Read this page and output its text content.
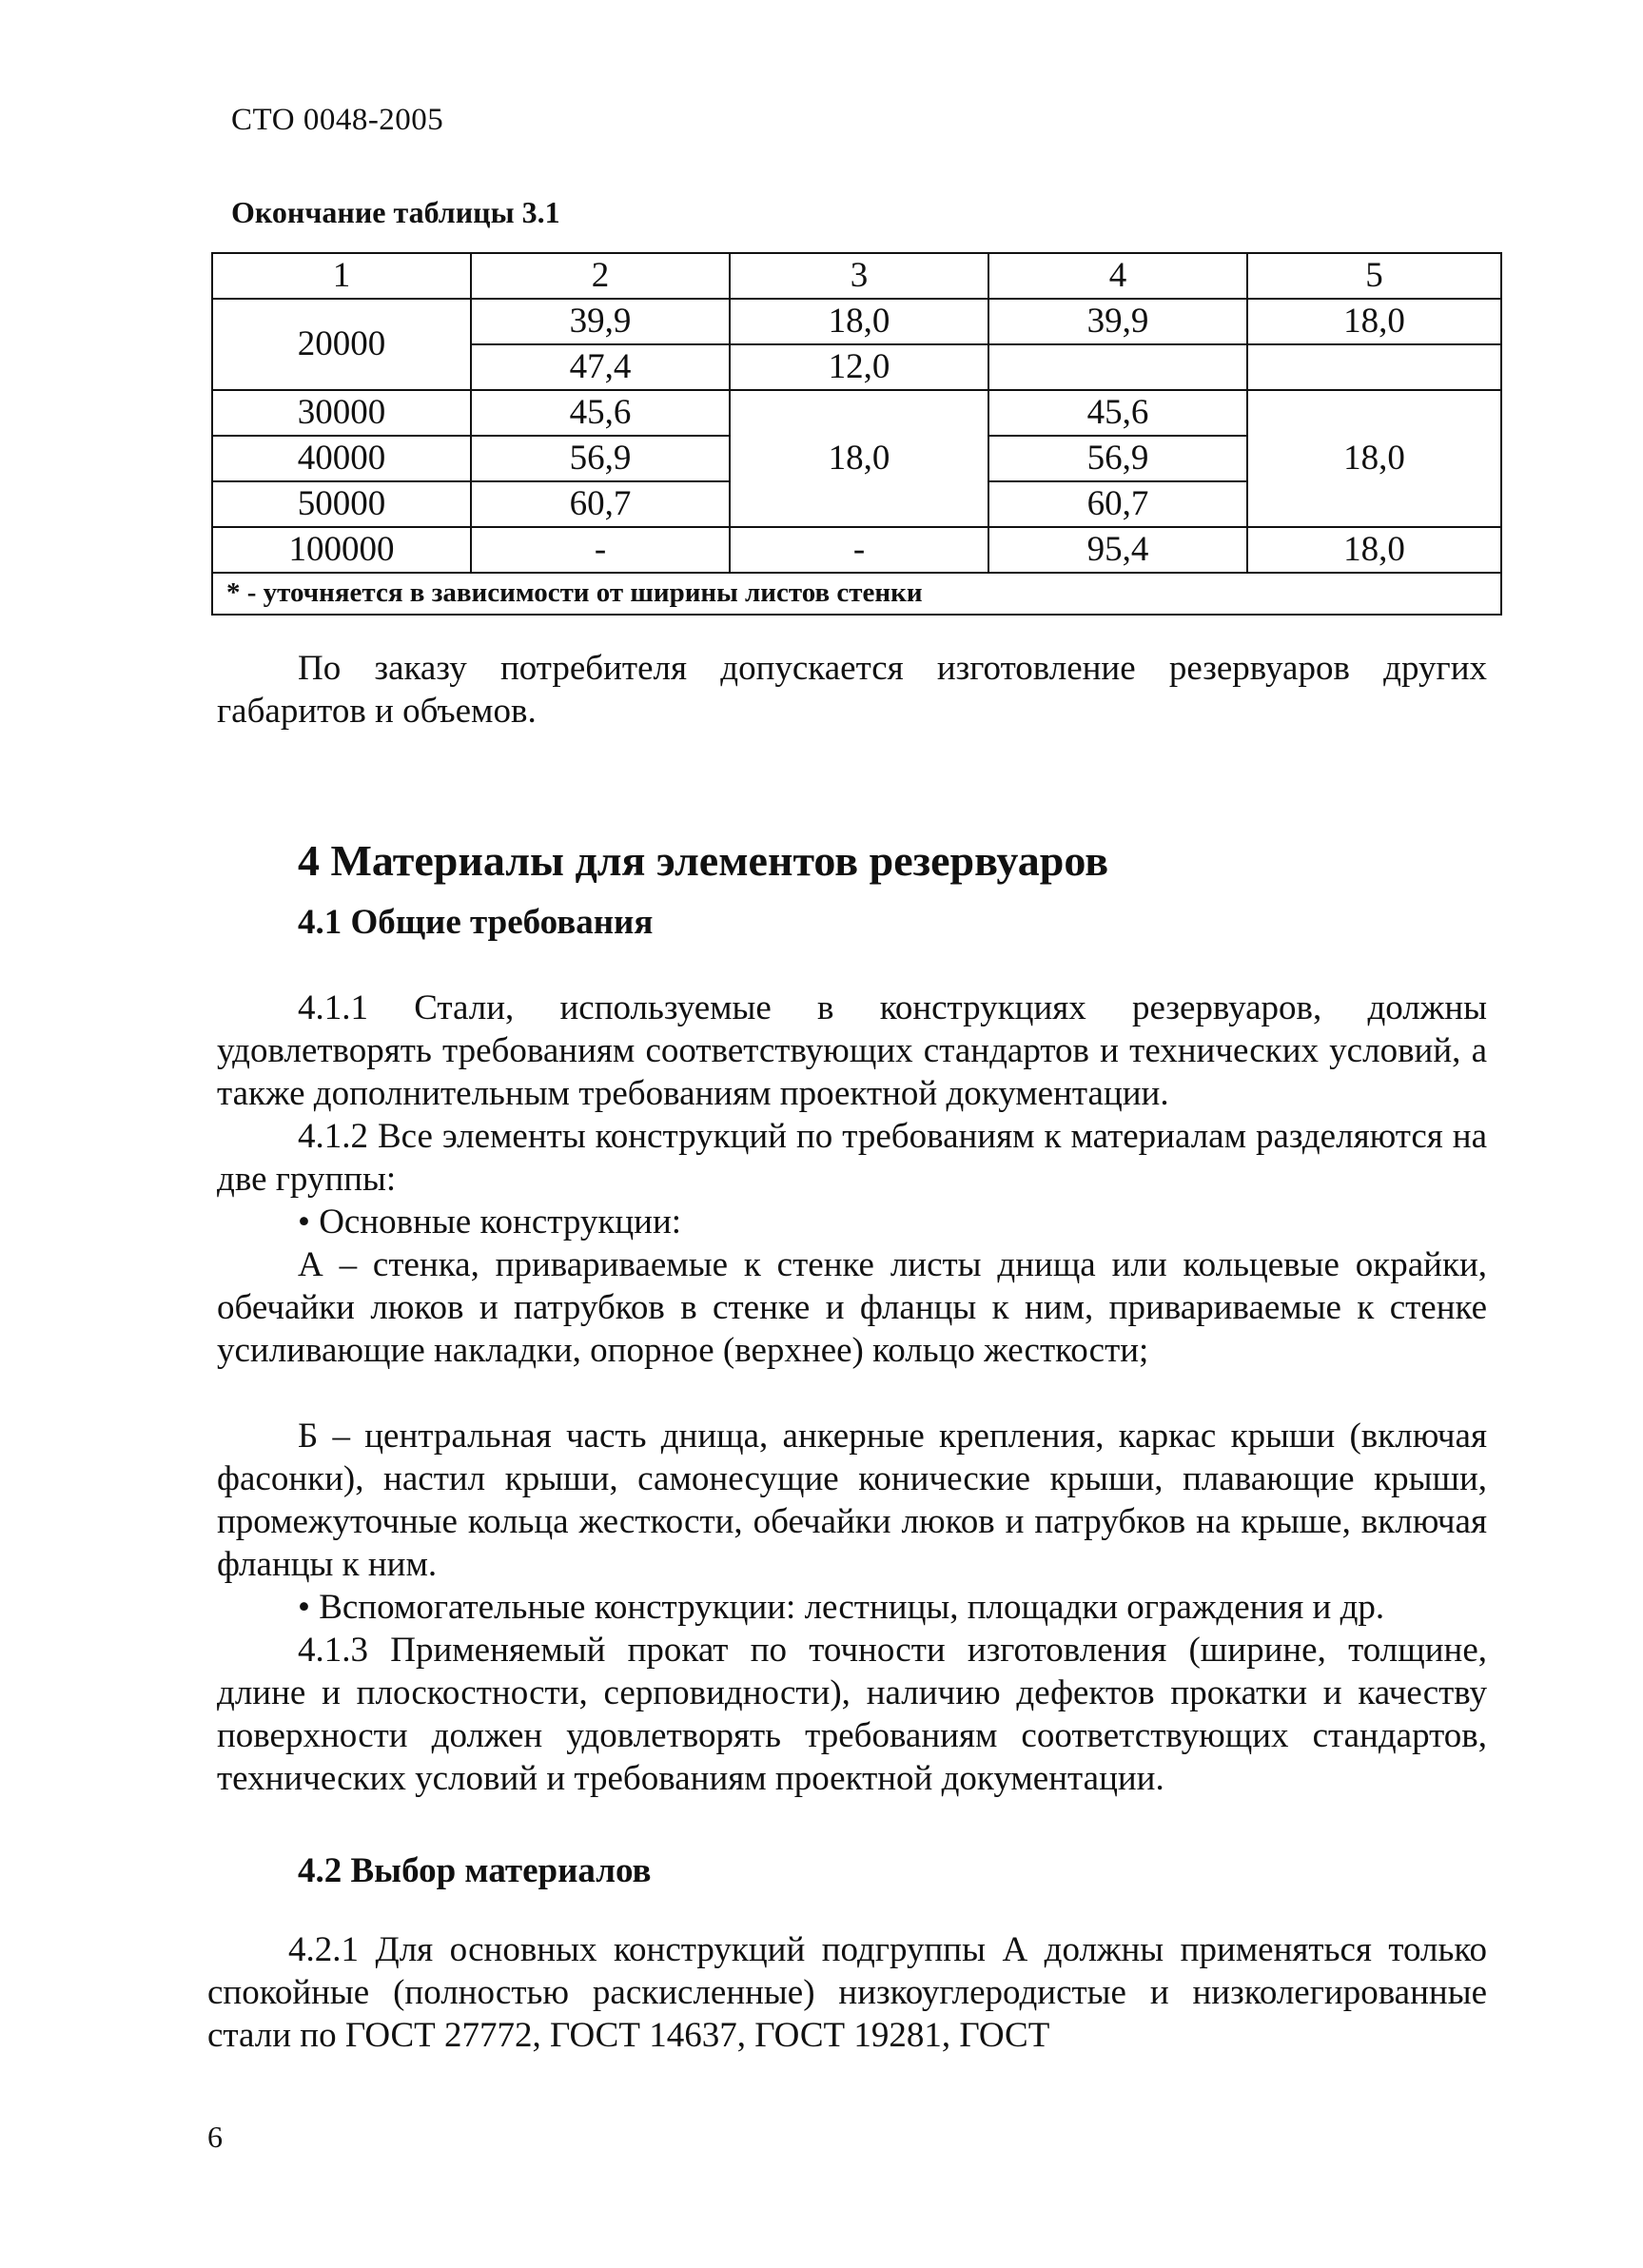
СТО 0048-2005
Окончание таблицы 3.1
1	2	3	4	5
20000	39,9	18,0	39,9	18,0
	47,4	12,0		
30000	45,6	18,0	45,6	18,0
40000	56,9		56,9	
50000	60,7		60,7	
100000	-	-	95,4	18,0
* - уточняется в зависимости от ширины листов стенки				
По заказу потребителя допускается изготовление резервуаров других габаритов и объемов.
4 Материалы для элементов резервуаров
4.1 Общие требования
4.1.1 Стали, используемые в конструкциях резервуаров, должны удовлетворять требованиям соответствующих стандартов и технических условий, а также дополнительным требованиям проектной документации.
4.1.2 Все элементы конструкций по требованиям к материалам разделяются на две группы:
• Основные конструкции:
А – стенка, привариваемые к стенке листы днища или кольцевые окрайки, обечайки люков и патрубков в стенке и фланцы к ним, привариваемые к стенке усиливающие накладки, опорное (верхнее) кольцо жесткости;
Б – центральная часть днища, анкерные крепления, каркас крыши (включая фасонки), настил крыши, самонесущие конические крыши, плавающие крыши, промежуточные кольца жесткости, обечайки люков и патрубков на крыше, включая фланцы к ним.
• Вспомогательные конструкции: лестницы, площадки ограждения и др.
4.1.3 Применяемый прокат по точности изготовления (ширине, толщине, длине и плоскостности, серповидности), наличию дефектов прокатки и качеству поверхности должен удовлетворять требованиям соответствующих стандартов, технических условий и требованиям проектной документации.
4.2 Выбор материалов
4.2.1 Для основных конструкций подгруппы А должны применяться только спокойные (полностью раскисленные) низкоуглеродистые и низколегированные стали по ГОСТ 27772, ГОСТ 14637, ГОСТ 19281, ГОСТ
6
